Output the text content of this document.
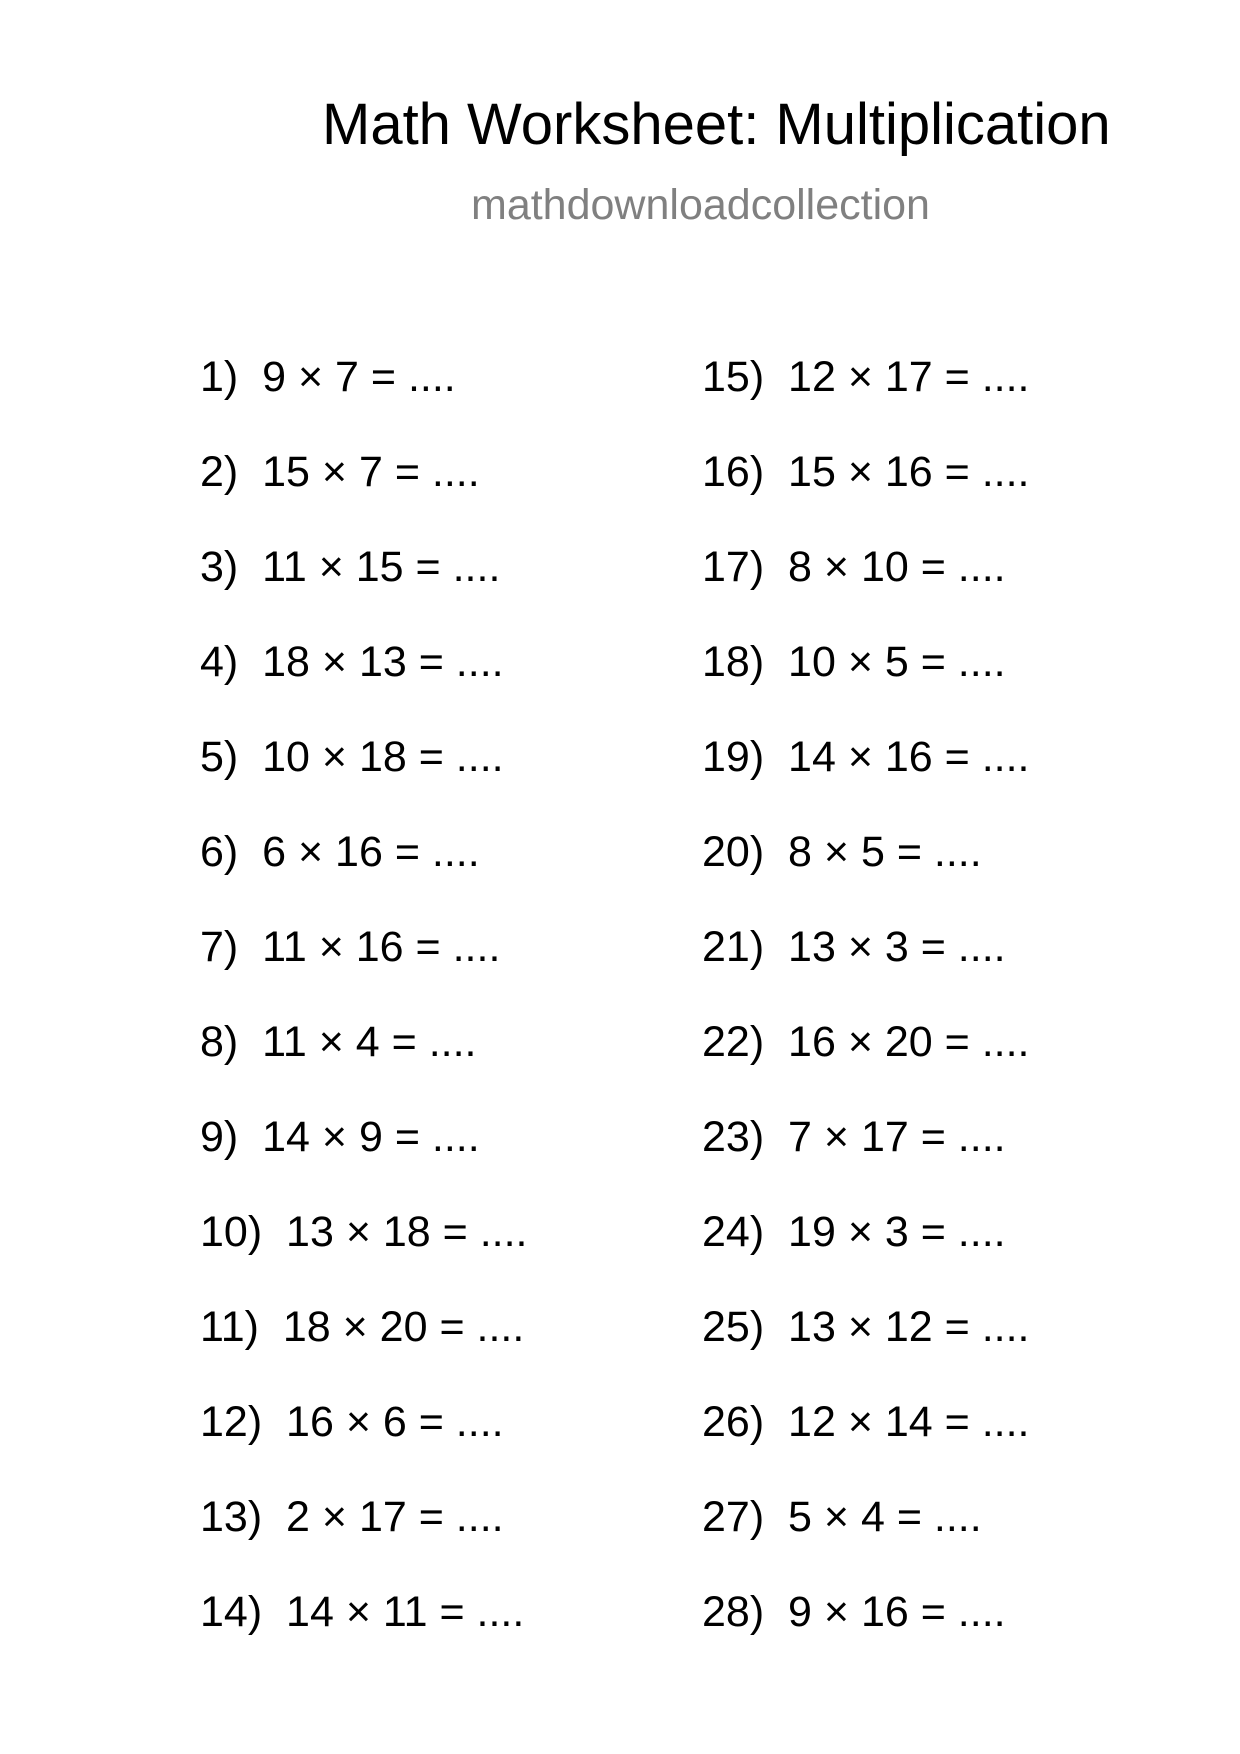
Math Worksheet: Multiplication
mathdownloadcollection
1)  9 × 7 = ....
2)  15 × 7 = ....
3)  11 × 15 = ....
4)  18 × 13 = ....
5)  10 × 18 = ....
6)  6 × 16 = ....
7)  11 × 16 = ....
8)  11 × 4 = ....
9)  14 × 9 = ....
10)  13 × 18 = ....
11)  18 × 20 = ....
12)  16 × 6 = ....
13)  2 × 17 = ....
14)  14 × 11 = ....
15)  12 × 17 = ....
16)  15 × 16 = ....
17)  8 × 10 = ....
18)  10 × 5 = ....
19)  14 × 16 = ....
20)  8 × 5 = ....
21)  13 × 3 = ....
22)  16 × 20 = ....
23)  7 × 17 = ....
24)  19 × 3 = ....
25)  13 × 12 = ....
26)  12 × 14 = ....
27)  5 × 4 = ....
28)  9 × 16 = ....
